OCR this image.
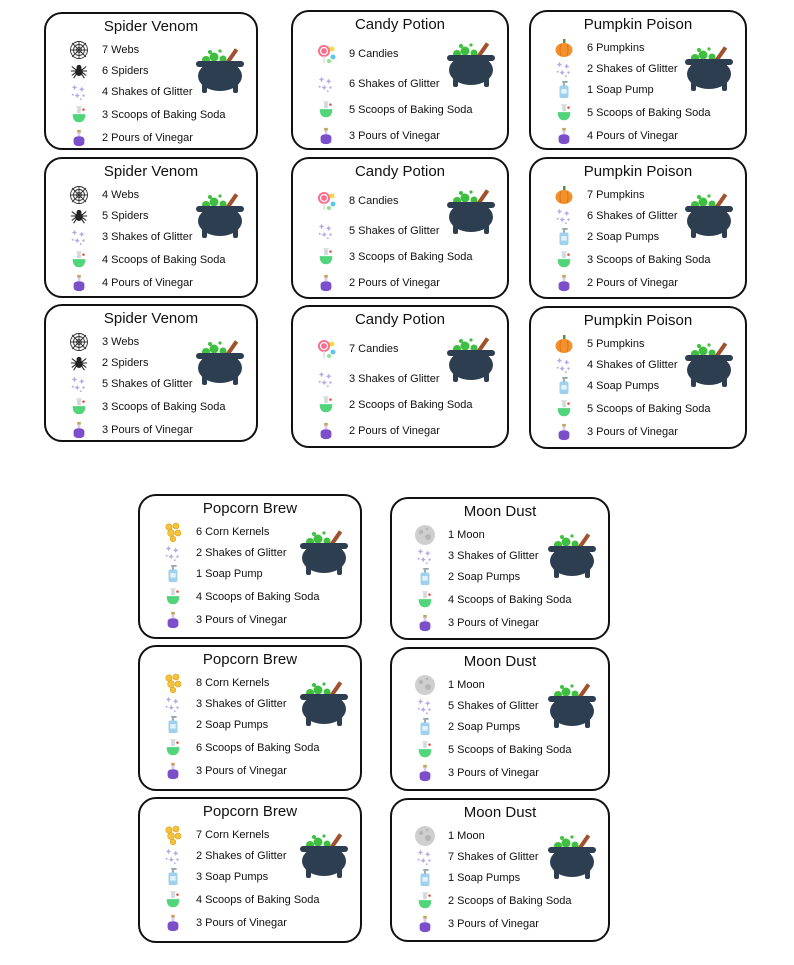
Spider Venom
7 Webs
6 Spiders
4 Shakes of Glitter
3 Scoops of Baking Soda
2 Pours of Vinegar
Candy Potion
9 Candies
6 Shakes of Glitter
5 Scoops of Baking Soda
3 Pours of Vinegar
Pumpkin Poison
6 Pumpkins
2 Shakes of Glitter
1 Soap Pump
5 Scoops of Baking Soda
4 Pours of Vinegar
Spider Venom
4 Webs
5 Spiders
3 Shakes of Glitter
4 Scoops of Baking Soda
4 Pours of Vinegar
Candy Potion
8 Candies
5 Shakes of Glitter
3 Scoops of Baking Soda
2 Pours of Vinegar
Pumpkin Poison
7 Pumpkins
6 Shakes of Glitter
2 Soap Pumps
3 Scoops of Baking Soda
2 Pours of Vinegar
Spider Venom
3 Webs
2 Spiders
5 Shakes of Glitter
3 Scoops of Baking Soda
3 Pours of Vinegar
Candy Potion
7 Candies
3 Shakes of Glitter
2 Scoops of Baking Soda
2 Pours of Vinegar
Pumpkin Poison
5 Pumpkins
4 Shakes of Glitter
4 Soap Pumps
5 Scoops of Baking Soda
3 Pours of Vinegar
Popcorn Brew
6 Corn Kernels
2 Shakes of Glitter
1 Soap Pump
4 Scoops of Baking Soda
3 Pours of Vinegar
Moon Dust
1 Moon
3 Shakes of Glitter
2 Soap Pumps
4 Scoops of Baking Soda
3 Pours of Vinegar
Popcorn Brew
8 Corn Kernels
3 Shakes of Glitter
2 Soap Pumps
6 Scoops of Baking Soda
3 Pours of Vinegar
Moon Dust
1 Moon
5 Shakes of Glitter
2 Soap Pumps
5 Scoops of Baking Soda
3 Pours of Vinegar
Popcorn Brew
7 Corn Kernels
2 Shakes of Glitter
3 Soap Pumps
4 Scoops of Baking Soda
3 Pours of Vinegar
Moon Dust
1 Moon
7 Shakes of Glitter
1 Soap Pumps
2 Scoops of Baking Soda
3 Pours of Vinegar
